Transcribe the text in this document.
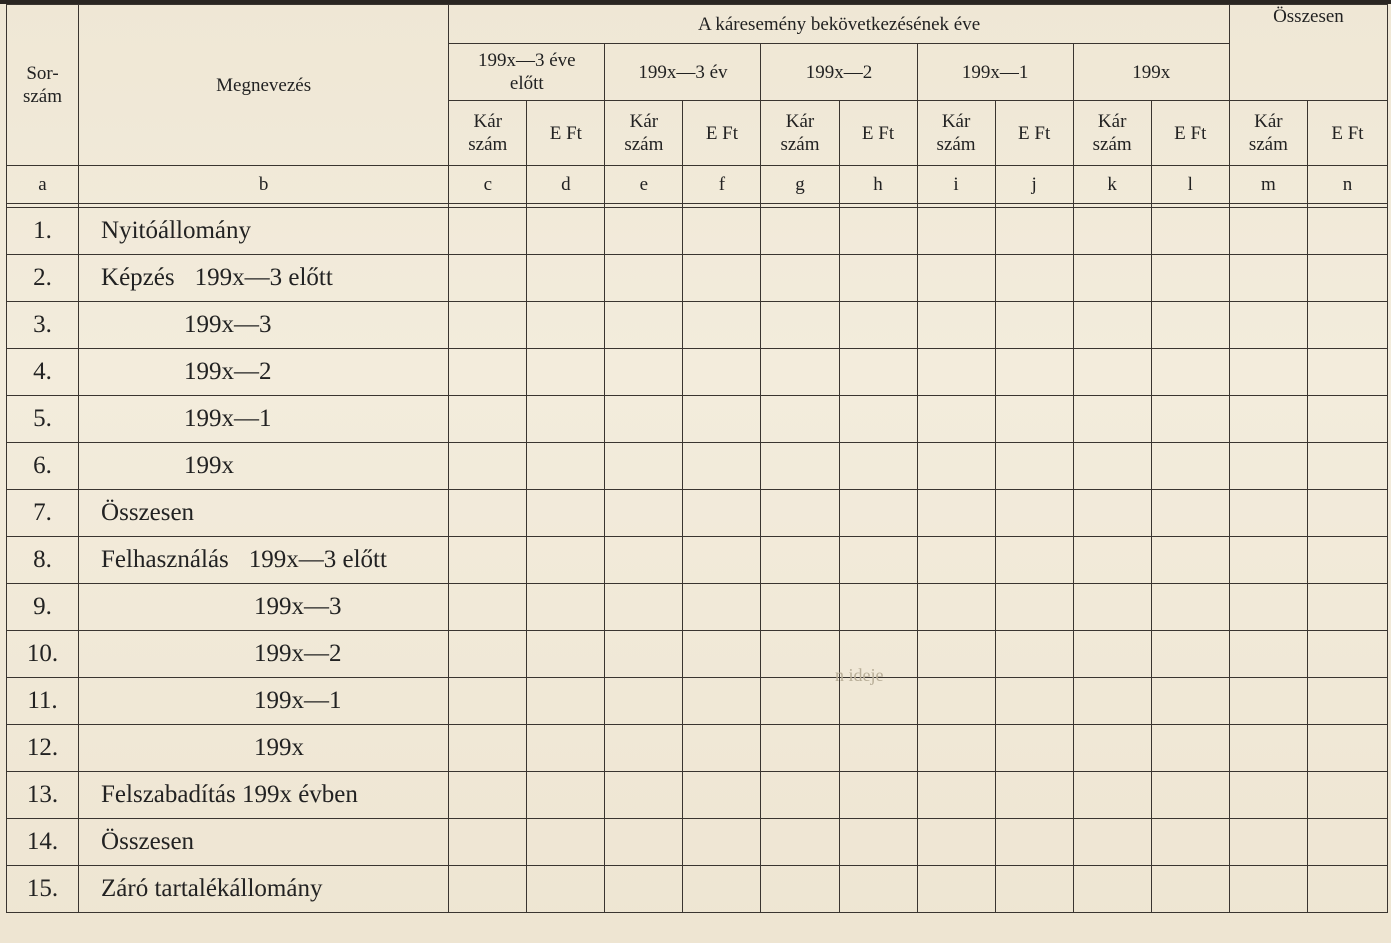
Sor-
szám	Megnevezés	A káresemény bekövetkezésének éve										Összesen	
		199x—3 éve előtt		199x—3 év		199x—2		199x—1		199x			
		Kár szám	E Ft	Kár szám	E Ft	Kár szám	E Ft	Kár szám	E Ft	Kár szám	E Ft	Kár szám	E Ft
a	b	c	d	e	f	g	h	i	j	k	l	m	n

1.	Nyitóállomány												
2.	Képzés 199x—3 előtt												
3.	199x—3												
4.	199x—2												
5.	199x—1												
6.	199x												
7.	Összesen												
8.	Felhasználás 199x—3 előtt												
9.	199x—3												
10.	199x—2												
11.	199x—1												
12.	199x												
13.	Felszabadítás 199x évben												
14.	Összesen												
15.	Záró tartalékállomány												
n ideje
